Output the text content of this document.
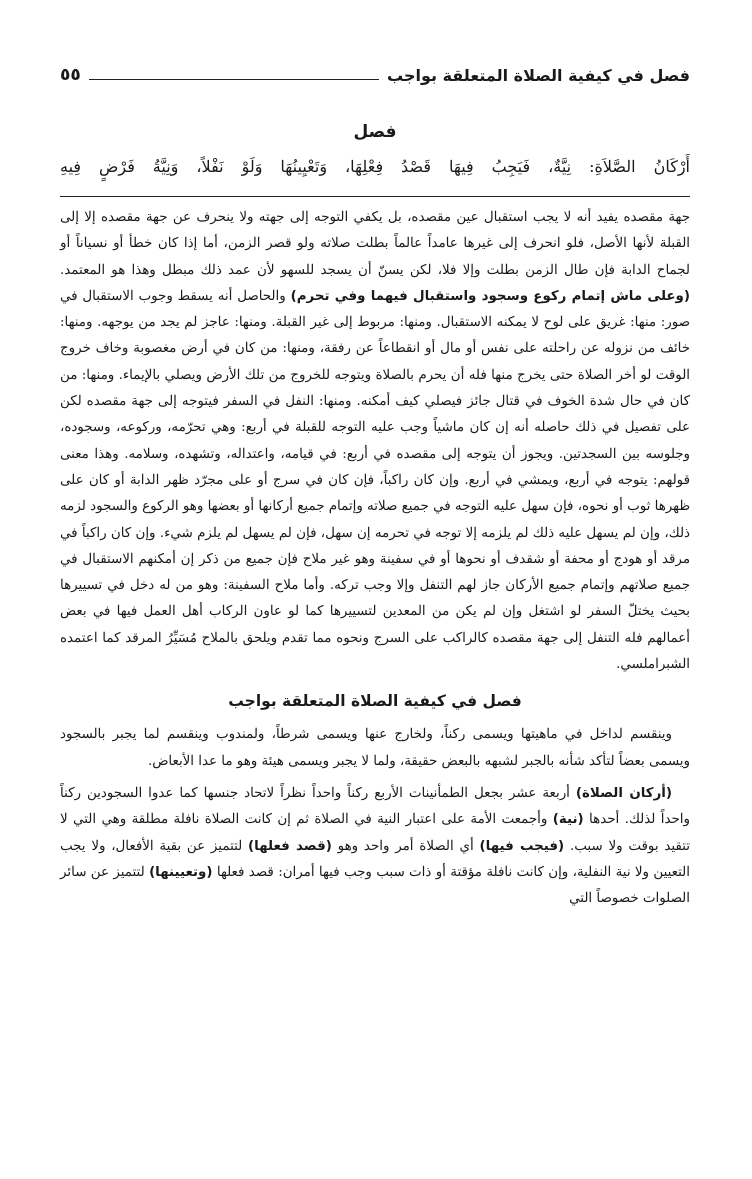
فصل في كيفية الصلاة المتعلقة بواجب
٥٥
فصل
أَرْكَانُ الصَّلاَةِ: نِيَّةٌ، فَيَجِبُ فِيهَا قَصْدُ فِعْلِهَا، وَتَعْيِينُهَا وَلَوْ نَفْلاً، وَنِيَّةُ فَرْضٍ فِيهِ

جهة مقصده يفيد أنه لا يجب استقبال عين مقصده، بل يكفي التوجه إلى جهته ولا ينحرف عن جهة مقصده إلا إلى القبلة لأنها الأصل، فلو انحرف إلى غيرها عامداً عالماً بطلت صلاته ولو قصر الزمن، أما إذا كان خطأ أو نسياناً أو لجماح الدابة فإن طال الزمن بطلت وإلا فلا، لكن يسنّ أن يسجد للسهو لأن عمد ذلك مبطل وهذا هو المعتمد. (وعلى ماش إتمام ركوع وسجود واستقبال فيهما وفي تحرم) والحاصل أنه يسقط وجوب الاستقبال في صور: منها: غريق على لوح لا يمكنه الاستقبال. ومنها: مربوط إلى غير القبلة. ومنها: عاجز لم يجد من يوجهه. ومنها: خائف من نزوله عن راحلته على نفس أو مال أو انقطاعاً عن رفقة، ومنها: من كان في أرض مغصوبة وخاف خروج الوقت لو أخر الصلاة حتى يخرج منها فله أن يحرم بالصلاة ويتوجه للخروج من تلك الأرض ويصلي بالإيماء. ومنها: من كان في حال شدة الخوف في قتال جائز فيصلي كيف أمكنه. ومنها: النفل في السفر فيتوجه إلى جهة مقصده لكن على تفصيل في ذلك حاصله أنه إن كان ماشياً وجب عليه التوجه للقبلة في أربع: وهي تحرّمه، وركوعه، وسجوده، وجلوسه بين السجدتين. ويجوز أن يتوجه إلى مقصده في أربع: في قيامه، واعتداله، وتشهده، وسلامه. وهذا معنى قولهم: يتوجه في أربع، ويمشي في أربع. وإن كان راكباً، فإن كان في سرج أو على مجرّد ظهر الدابة أو كان على ظهرها ثوب أو نحوه، فإن سهل عليه التوجه في جميع صلاته وإتمام جميع أركانها أو بعضها وهو الركوع والسجود لزمه ذلك، وإن لم يسهل عليه ذلك لم يلزمه إلا توجه في تحرمه إن سهل، فإن لم يسهل لم يلزم شيء. وإن كان راكباً في مرقد أو هودج أو محفة أو شقدف أو نحوها أو في سفينة وهو غير ملاح فإن جميع من ذكر إن أمكنهم الاستقبال في جميع صلاتهم وإتمام جميع الأركان جاز لهم التنفل وإلا وجب تركه. وأما ملاح السفينة: وهو من له دخل في تسييرها بحيث يختلّ السفر لو اشتغل وإن لم يكن من المعدين لتسييرها كما لو عاون الركاب أهل العمل فيها في بعض أعمالهم فله التنفل إلى جهة مقصده كالراكب على السرج ونحوه مما تقدم ويلحق بالملاح مُسَيِّرُ المرقد كما اعتمده الشبراملسي.

فصل في كيفية الصلاة المتعلقة بواجب

وينقسم لداخل في ماهيتها ويسمى ركناً، ولخارج عنها ويسمى شرطاً، ولمندوب وينقسم لما يجبر بالسجود ويسمى بعضاً لتأكد شأنه بالجبر لشبهه بالبعض حقيقة، ولما لا يجبر ويسمى هيئة وهو ما عدا الأبعاض.

(أركان الصلاة) أربعة عشر بجعل الطمأنينات الأربع ركناً واحداً نظراً لاتحاد جنسها كما عدوا السجودين ركناً واحداً لذلك. أحدها (نية) وأجمعت الأمة على اعتبار النية في الصلاة ثم إن كانت الصلاة نافلة مطلقة وهي التي لا تتقيد بوقت ولا سبب. (فيجب فيها) أي الصلاة أمر واحد وهو (قصد فعلها) لتتميز عن بقية الأفعال، ولا يجب التعيين ولا نية النفلية، وإن كانت نافلة مؤقتة أو ذات سبب وجب فيها أمران: قصد فعلها (وتعيينها) لتتميز عن سائر الصلوات خصوصاً التي
